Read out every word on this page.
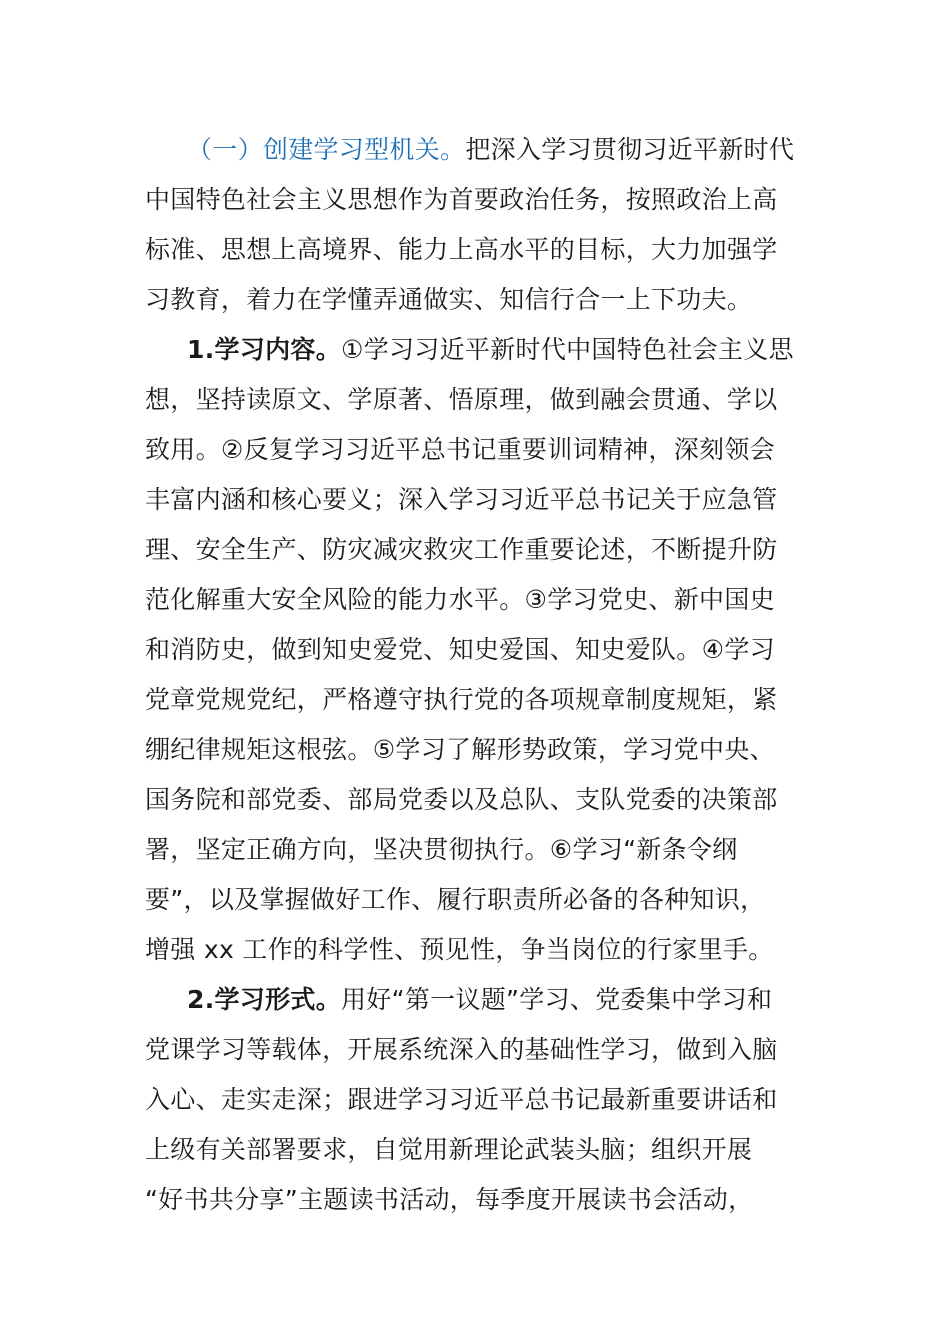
（一）创建学习型机关。把深入学习贯彻习近平新时代
中国特色社会主义思想作为首要政治任务，按照政治上高
标准、思想上高境界、能力上高水平的目标，大力加强学
习教育，着力在学懂弄通做实、知信行合一上下功夫。
1.学习内容。①学习习近平新时代中国特色社会主义思
想，坚持读原文、学原著、悟原理，做到融会贯通、学以
致用。②反复学习习近平总书记重要训词精神，深刻领会
丰富内涵和核心要义；深入学习习近平总书记关于应急管
理、安全生产、防灾减灾救灾工作重要论述，不断提升防
范化解重大安全风险的能力水平。③学习党史、新中国史
和消防史，做到知史爱党、知史爱国、知史爱队。④学习
党章党规党纪，严格遵守执行党的各项规章制度规矩，紧
绷纪律规矩这根弦。⑤学习了解形势政策，学习党中央、
国务院和部党委、部局党委以及总队、支队党委的决策部
署，坚定正确方向，坚决贯彻执行。⑥学习“新条令纲
要”，以及掌握做好工作、履行职责所必备的各种知识，
增强 xx 工作的科学性、预见性，争当岗位的行家里手。
2.学习形式。用好“第一议题”学习、党委集中学习和
党课学习等载体，开展系统深入的基础性学习，做到入脑
入心、走实走深；跟进学习习近平总书记最新重要讲话和
上级有关部署要求，自觉用新理论武装头脑；组织开展
“好书共分享”主题读书活动，每季度开展读书会活动，
